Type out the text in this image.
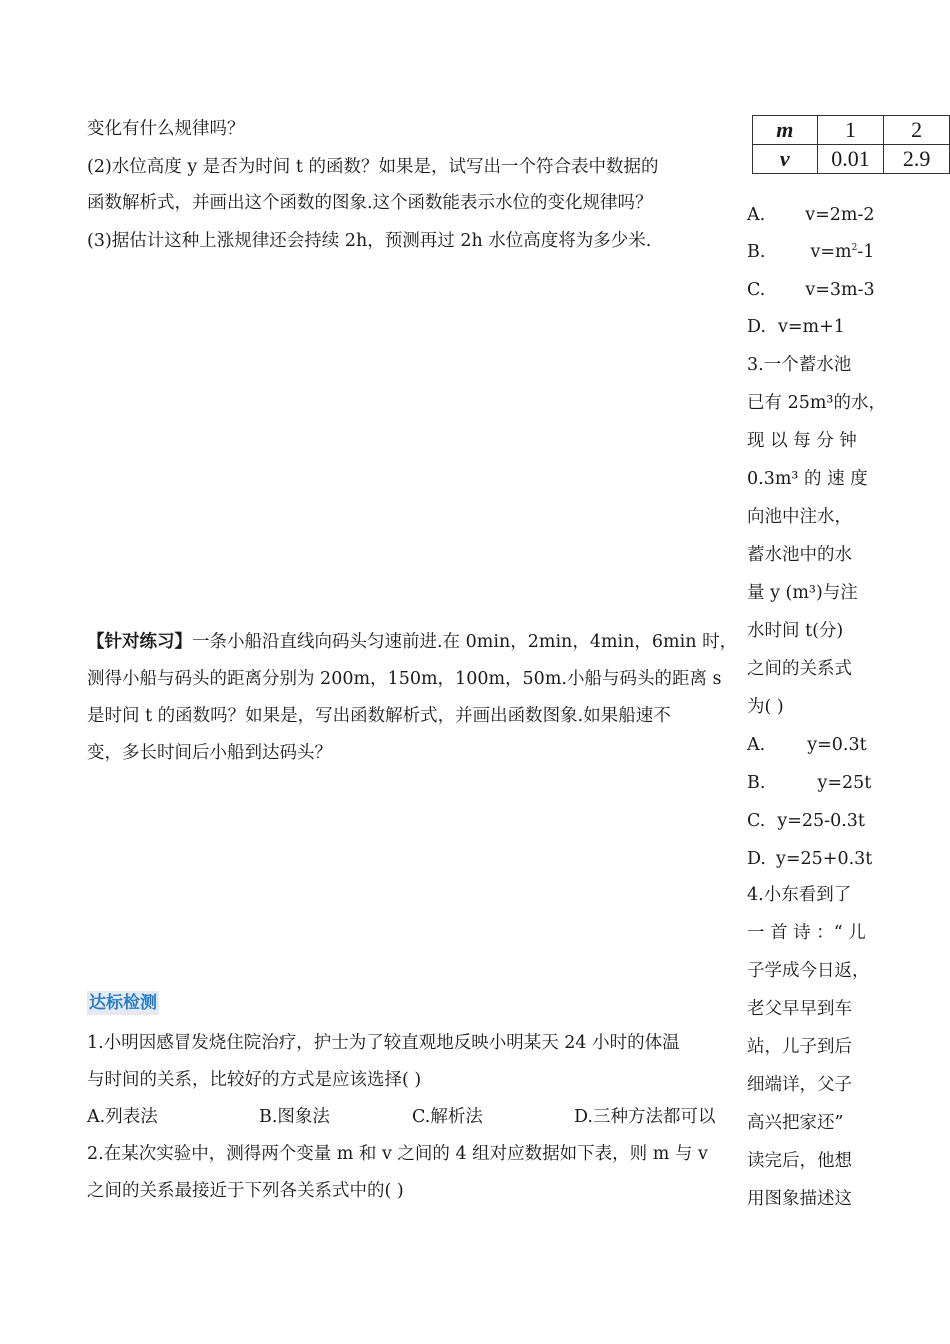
变化有什么规律吗？
(2)水位高度 y 是否为时间 t 的函数？如果是，试写出一个符合表中数据的
函数解析式，并画出这个函数的图象.这个函数能表示水位的变化规律吗？
(3)据估计这种上涨规律还会持续 2h，预测再过 2h 水位高度将为多少米.
【针对练习】一条小船沿直线向码头匀速前进.在 0min，2min，4min，6min 时，
测得小船与码头的距离分别为 200m，150m，100m，50m.小船与码头的距离 s
是时间 t 的函数吗？如果是，写出函数解析式，并画出函数图象.如果船速不
变，多长时间后小船到达码头？
达标检测
1.小明因感冒发烧住院治疗，护士为了较直观地反映小明某天 24 小时的体温
与时间的关系，比较好的方式是应该选择( )
A.列表法	B.图象法	C.解析法	D.三种方法都可以
2.在某次实验中，测得两个变量 m 和 v 之间的 4 组对应数据如下表，则 m 与 v
之间的关系最接近于下列各关系式中的( )
m	1	2
v	0.01	2.9
A. v=2m-2
B.	$v=m^2-1$
C. v=3m-3
D. v=m+1
3.一个蓄水池
已有 25m³的水，
现 以 每 分 钟
0.3m³ 的 速 度
向池中注水，
蓄水池中的水
量 y (m³)与注
水时间 t(分)
之间的关系式
为( )
A. y=0.3t
B.	y=25t
C. y=25-0.3t
D. y=25+0.3t
4.小东看到了
一 首 诗 ：“ 儿
子学成今日返，
老父早早到车
站，儿子到后
细端详，父子
高兴把家还”
读完后，他想
用图象描述这
